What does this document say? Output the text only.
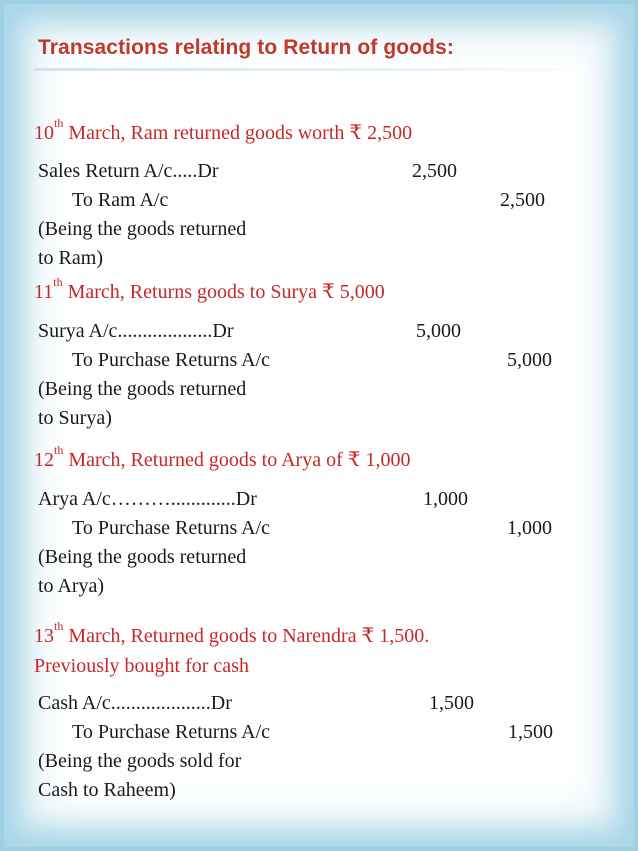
Transactions relating to Return of goods:
10th March, Ram returned goods worth ₹ 2,500
Sales Return A/c.....Dr	2,500
To Ram A/c	2,500
(Being the goods returned
to Ram)
11th March, Returns goods to Surya ₹ 5,000
Surya A/c...................Dr	5,000
To Purchase Returns A/c	5,000
(Being the goods returned
to Surya)
12th March, Returned goods to Arya of ₹ 1,000
Arya A/c……….............Dr	1,000
To Purchase Returns A/c	1,000
(Being the goods returned
to Arya)
13th March, Returned goods to Narendra ₹ 1,500.
Previously bought for cash
Cash A/c....................Dr	1,500
To Purchase Returns A/c	1,500
(Being the goods sold for
Cash to Raheem)
